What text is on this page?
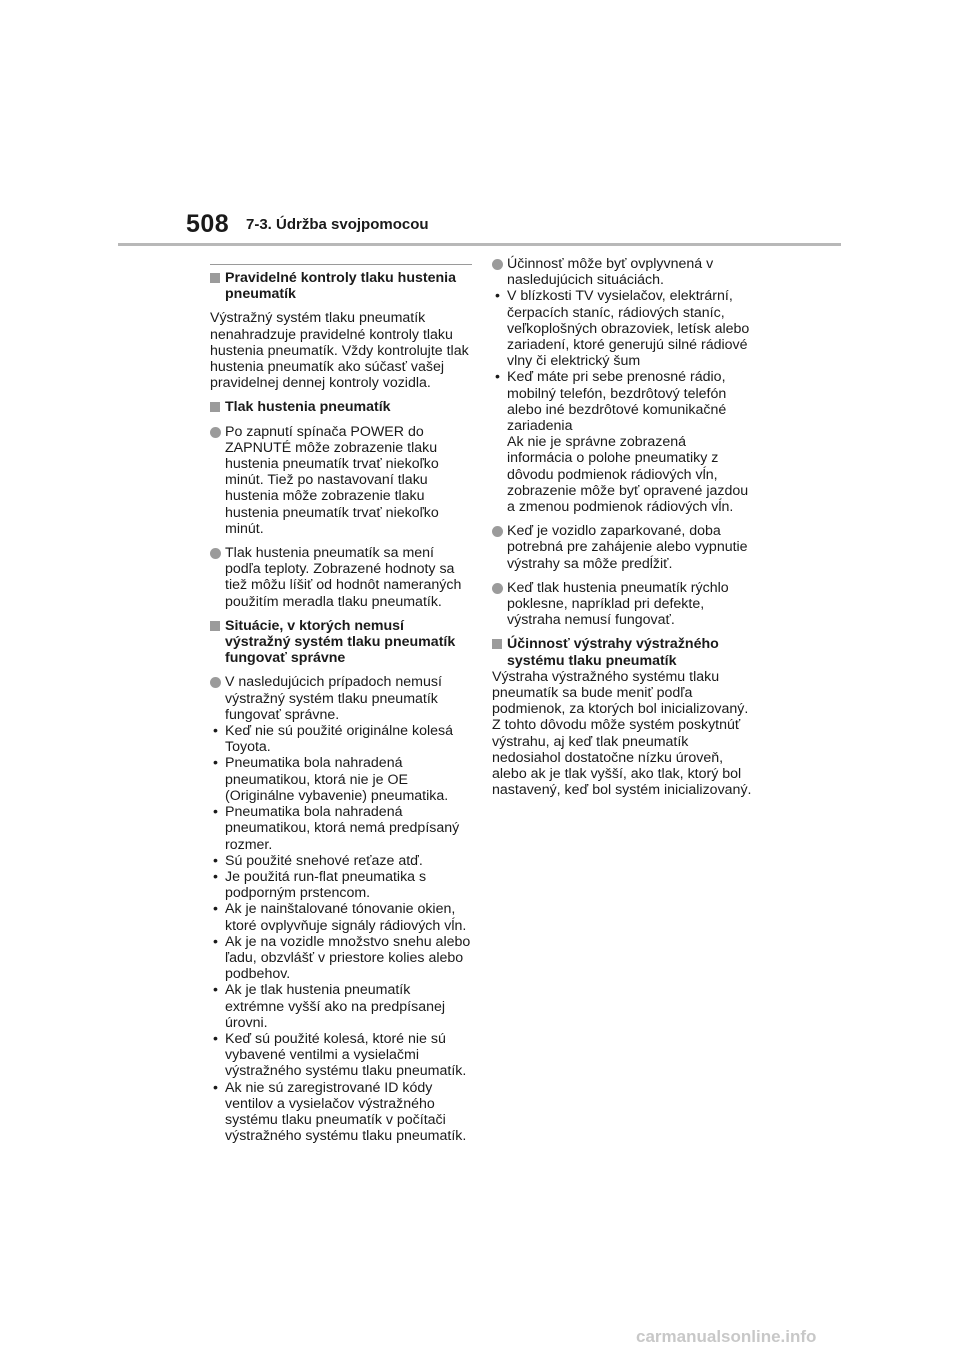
508 7-3. Údržba svojpomocou
Pravidelné kontroly tlaku hustenia pneumatík
Výstražný systém tlaku pneumatík nenahradzuje pravidelné kontroly tlaku hustenia pneumatík. Vždy kontrolujte tlak hustenia pneumatík ako súčasť vašej pravidelnej dennej kontroly vozidla.
Tlak hustenia pneumatík
Po zapnutí spínača POWER do ZAPNUTÉ môže zobrazenie tlaku hustenia pneumatík trvať niekoľko minút. Tiež po nastavovaní tlaku hustenia môže zobrazenie tlaku hustenia pneumatík trvať niekoľko minút.
Tlak hustenia pneumatík sa mení podľa teploty. Zobrazené hodnoty sa tiež môžu líšiť od hodnôt nameraných použitím meradla tlaku pneumatík.
Situácie, v ktorých nemusí výstražný systém tlaku pneumatík fungovať správne
V nasledujúcich prípadoch nemusí výstražný systém tlaku pneumatík fungovať správne.
• Keď nie sú použité originálne kolesá Toyota.
• Pneumatika bola nahradená pneumatikou, ktorá nie je OE (Originálne vybavenie) pneumatika.
• Pneumatika bola nahradená pneumatikou, ktorá nemá predpísaný rozmer.
• Sú použité snehové reťaze atď.
• Je použitá run-flat pneumatika s podporným prstencom.
• Ak je nainštalované tónovanie okien, ktoré ovplyvňuje signály rádiových vĺn.
• Ak je na vozidle množstvo snehu alebo ľadu, obzvlášť v priestore kolies alebo podbehov.
• Ak je tlak hustenia pneumatík extrémne vyšší ako na predpísanej úrovni.
• Keď sú použité kolesá, ktoré nie sú vybavené ventilmi a vysielačmi výstražného systému tlaku pneumatík.
• Ak nie sú zaregistrované ID kódy ventilov a vysielačov výstražného systému tlaku pneumatík v počítači výstražného systému tlaku pneumatík.
Účinnosť môže byť ovplyvnená v nasledujúcich situáciách.
• V blízkosti TV vysielačov, elektrární, čerpacích staníc, rádiových staníc, veľkoplošných obrazoviek, letísk alebo zariadení, ktoré generujú silné rádiové vlny či elektrický šum
• Keď máte pri sebe prenosné rádio, mobilný telefón, bezdrôtový telefón alebo iné bezdrôtové komunikačné zariadenia
Ak nie je správne zobrazená informácia o polohe pneumatiky z dôvodu podmienok rádiových vĺn, zobrazenie môže byť opravené jazdou a zmenou podmienok rádiových vĺn.
Keď je vozidlo zaparkované, doba potrebná pre zahájenie alebo vypnutie výstrahy sa môže predĺžiť.
Keď tlak hustenia pneumatík rýchlo poklesne, napríklad pri defekte, výstraha nemusí fungovať.
Účinnosť výstrahy výstražného systému tlaku pneumatík
Výstraha výstražného systému tlaku pneumatík sa bude meniť podľa podmienok, za ktorých bol inicializovaný. Z tohto dôvodu môže systém poskytnúť výstrahu, aj keď tlak pneumatík nedosiahol dostatočne nízku úroveň, alebo ak je tlak vyšší, ako tlak, ktorý bol nastavený, keď bol systém inicializovaný.
carmanualsonline.info
